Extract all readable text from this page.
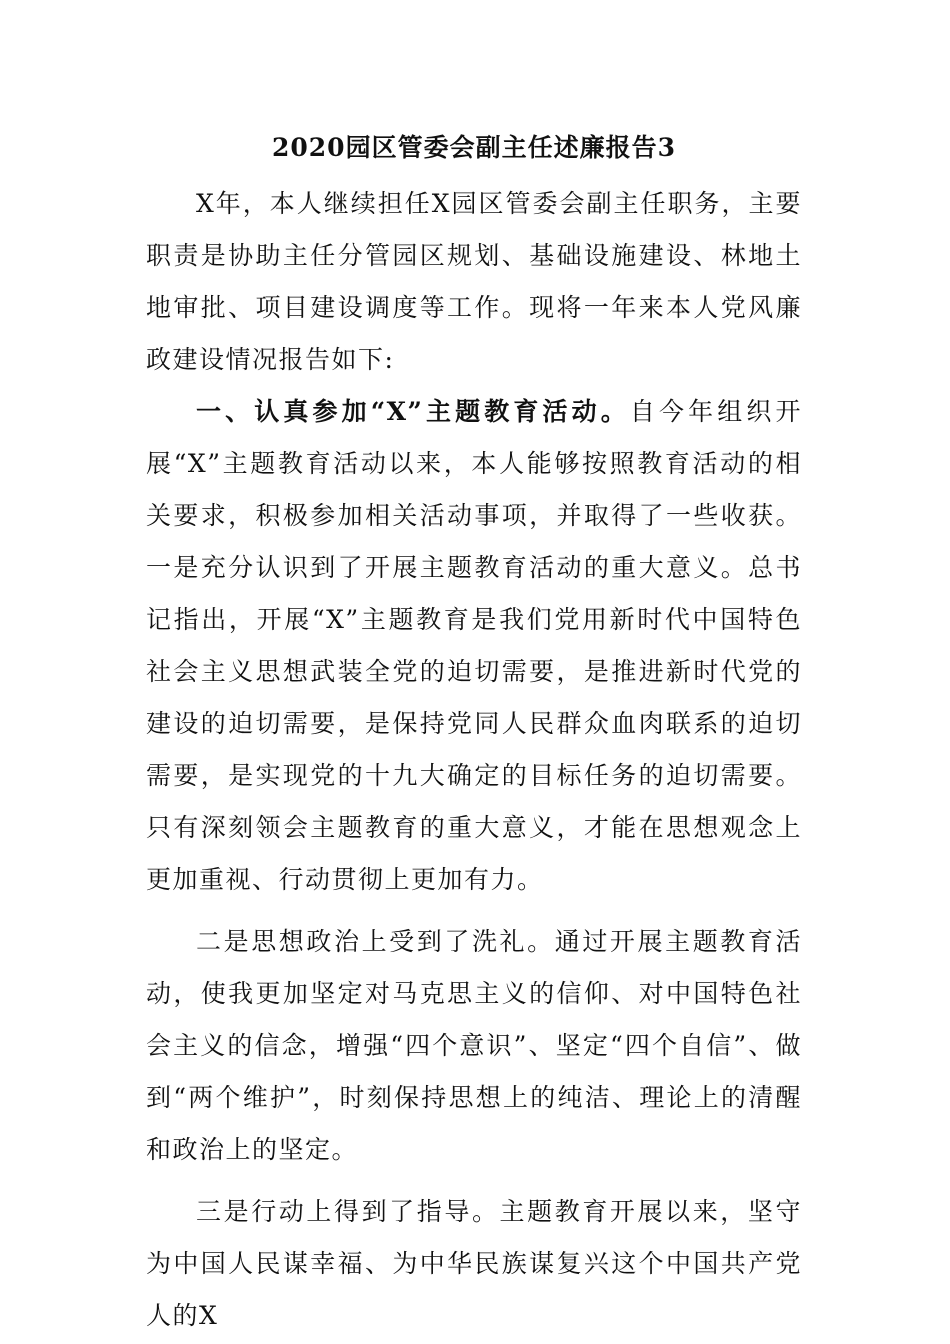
2020园区管委会副主任述廉报告3

X年，本人继续担任X园区管委会副主任职务，主要职责是协助主任分管园区规划、基础设施建设、林地土地审批、项目建设调度等工作。现将一年来本人党风廉政建设情况报告如下:

一、认真参加“X”主题教育活动。自今年组织开展“X”主题教育活动以来，本人能够按照教育活动的相关要求，积极参加相关活动事项，并取得了一些收获。一是充分认识到了开展主题教育活动的重大意义。总书记指出，开展“X”主题教育是我们党用新时代中国特色社会主义思想武装全党的迫切需要，是推进新时代党的建设的迫切需要，是保持党同人民群众血肉联系的迫切需要，是实现党的十九大确定的目标任务的迫切需要。只有深刻领会主题教育的重大意义，才能在思想观念上更加重视、行动贯彻上更加有力。

二是思想政治上受到了洗礼。通过开展主题教育活动，使我更加坚定对马克思主义的信仰、对中国特色社会主义的信念，增强“四个意识”、坚定“四个自信”、做到“两个维护”，时刻保持思想上的纯洁、理论上的清醒和政治上的坚定。

三是行动上得到了指导。主题教育开展以来，坚守为中国人民谋幸福、为中华民族谋复兴这个中国共产党人的X
